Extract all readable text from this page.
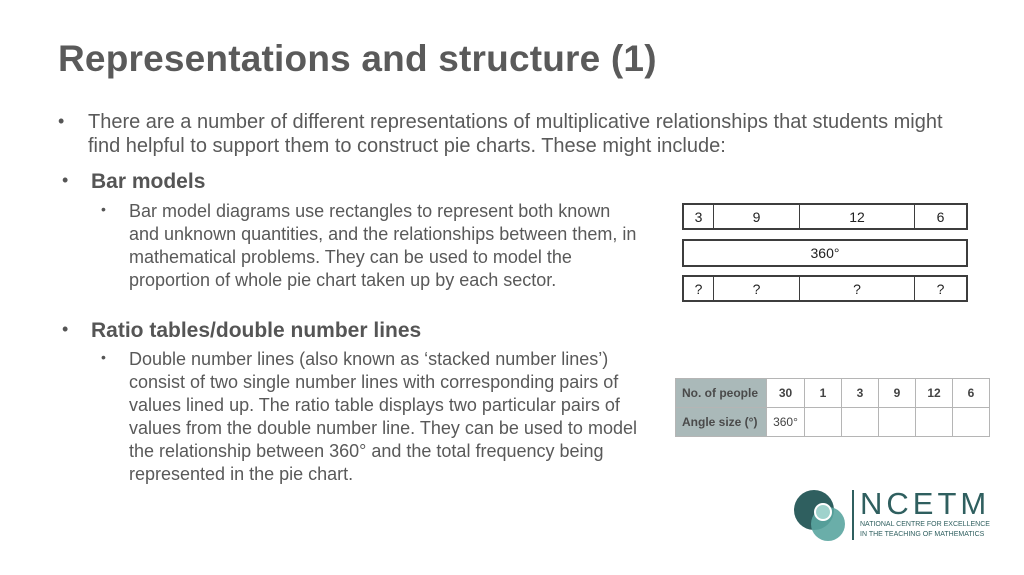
Representations and structure (1)
• There are a number of different representations of multiplicative relationships that students might find helpful to support them to construct pie charts. These might include:
• Bar models
• Bar model diagrams use rectangles to represent both known and unknown quantities, and the relationships between them, in mathematical problems. They can be used to model the proportion of whole pie chart taken up by each sector.
• Ratio tables/double number lines
• Double number lines (also known as ‘stacked number lines’) consist of two single number lines with corresponding pairs of values lined up. The ratio table displays two particular pairs of values from the double number line. They can be used to model the relationship between 360° and the total frequency being represented in the pie chart.
3	9	12	6
360°
?	?	?	?
No. of people	30	1	3	9	12	6
Angle size (°)	360°					
NCETM
NATIONAL CENTRE FOR EXCELLENCE
IN THE TEACHING OF MATHEMATICS
